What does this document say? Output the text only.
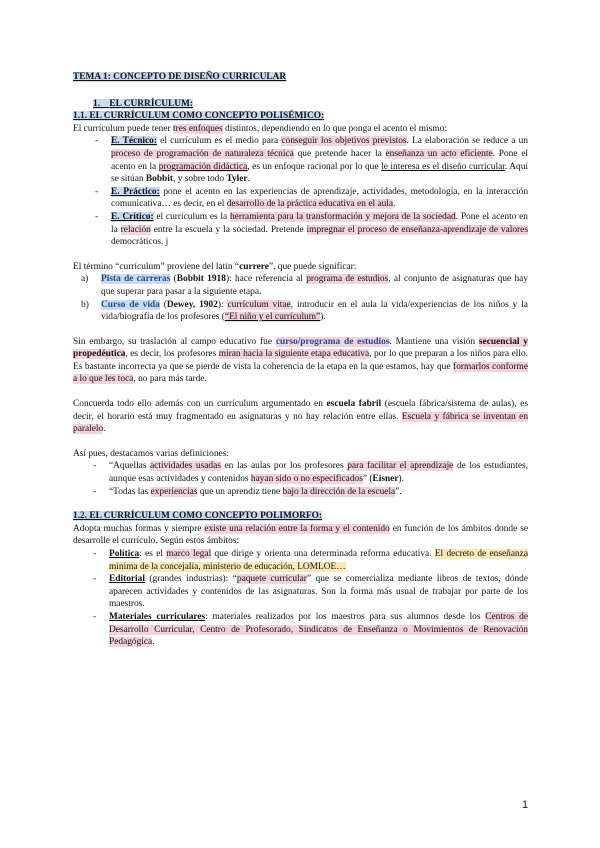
TEMA 1: CONCEPTO DE DISEÑO CURRICULAR
1. EL CURRÍCULUM:
1.1. EL CURRÍCULUM COMO CONCEPTO POLISÉMICO:

El currículum puede tener tres enfoques distintos, dependiendo en lo que ponga el acento el mismo:

- E. Técnico: el currículum es el medio para conseguir los objetivos previstos. La elaboración se reduce a un proceso de programación de naturaleza técnica que pretende hacer la enseñanza un acto eficiente. Pone el acento en la programación didáctica, es un enfoque racional por lo que le interesa es el diseño curricular. Aquí se sitúan Bobbit, y sobre todo Tyler.
- E. Práctico: pone el acento en las experiencias de aprendizaje, actividades, metodología, en la interacción comunicativa… es decir, en el desarrollo de la práctica educativa en el aula.
- E. Crítico: el currículum es la herramienta para la transformación y mejora de la sociedad. Pone el acento en la relación entre la escuela y la sociedad. Pretende impregnar el proceso de enseñanza-aprendizaje de valores democráticos. j

El término “currículum” proviene del latín “currere”, que puede significar:

a) Pista de carreras (Bobbit 1918): hace referencia al programa de estudios, al conjunto de asignaturas que hay que superar para pasar a la siguiente etapa.
b) Curso de vida (Dewey, 1902): currículum vitae, introducir en el aula la vida/experiencias de los niños y la vida/biografía de los profesores (“El niño y el currículum”).

Sin embargo, su traslación al campo educativo fue curso/programa de estudios. Mantiene una visión secuencial y propedéutica, es decir, los profesores miran hacia la siguiente etapa educativa, por lo que preparan a los niños para ello. Es bastante incorrecta ya que se pierde de vista la coherencia de la etapa en la que estamos, hay que formarlos conforme a lo que les toca, no para más tarde.

Concuerda todo ello además con un currículum argumentado en escuela fabril (escuela fábrica/sistema de aulas), es decir, el horario está muy fragmentado en asignaturas y no hay relación entre ellas. Escuela y fábrica se inventan en paralelo.

Así pues, destacamos varias definiciones:

- “Aquellas actividades usadas en las aulas por los profesores para facilitar el aprendizaje de los estudiantes, aunque esas actividades y contenidos hayan sido o no especificados” (Eisner).
- “Todas las experiencias que un aprendiz tiene bajo la dirección de la escuela”.
1.2. EL CURRÍCULUM COMO CONCEPTO POLIMORFO:

Adopta muchas formas y siempre existe una relación entre la forma y el contenido en función de los ámbitos donde se desarrolle el currículo. Según estos ámbitos:

- Política: es el marco legal que dirige y orienta una determinada reforma educativa. El decreto de enseñanza mínima de la concejalía, ministerio de educación, LOMLOE…
- Editorial (grandes industrias): “paquete curricular” que se comercializa mediante libros de textos, dónde aparecen actividades y contenidos de las asignaturas. Son la forma más usual de trabajar por parte de los maestros.
- Materiales curriculares: materiales realizados por los maestros para sus alumnos desde los Centros de Desarrollo Curricular, Centro de Profesorado, Sindicatos de Enseñanza o Movimientos de Renovación Pedagógica.
1
